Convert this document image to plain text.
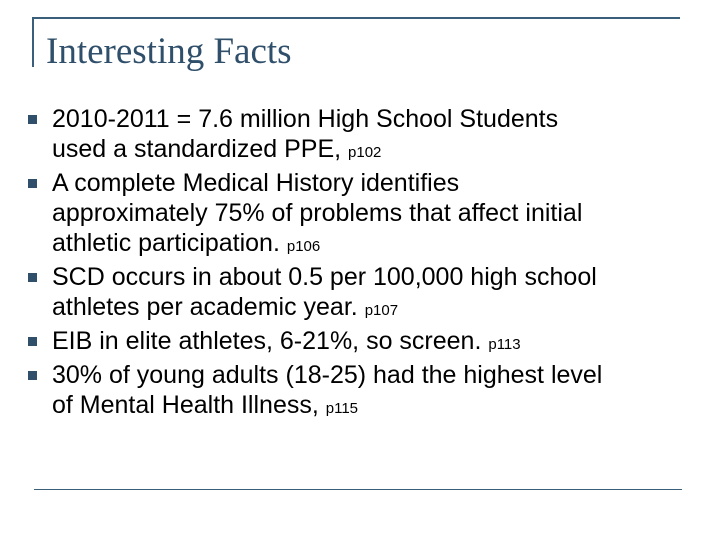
Interesting Facts
2010-2011 = 7.6 million High School Students
used a standardized PPE, p102
A complete Medical History identifies
approximately 75% of problems that affect initial
athletic participation. p106
SCD occurs in about 0.5 per 100,000 high school
athletes per academic year. p107
EIB in elite athletes, 6-21%, so screen. p113
30% of young adults (18-25) had the highest level
of Mental Health Illness, p115
